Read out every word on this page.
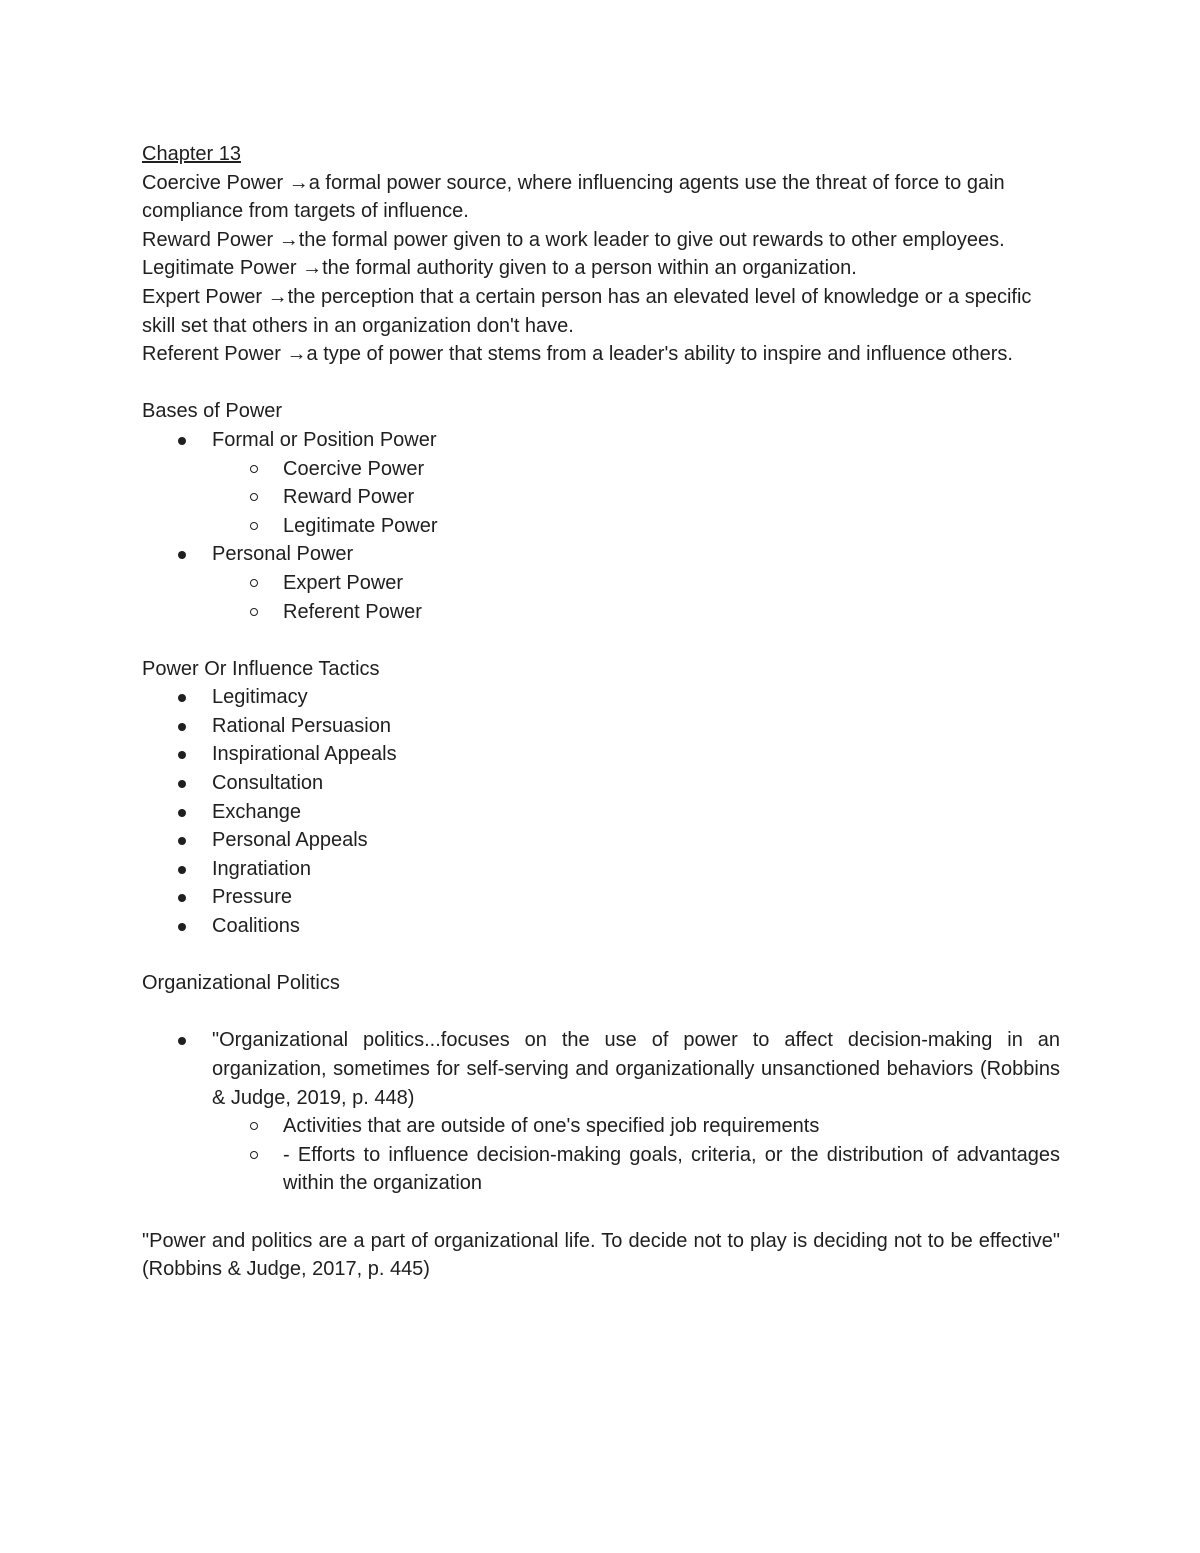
Chapter 13

Coercive Power →a formal power source, where influencing agents use the threat of force to gain compliance from targets of influence.

Reward Power →the formal power given to a work leader to give out rewards to other employees.

Legitimate Power →the formal authority given to a person within an organization.

Expert Power →the perception that a certain person has an elevated level of knowledge or a specific skill set that others in an organization don't have.

Referent Power →a type of power that stems from a leader's ability to inspire and influence others.

Bases of Power

Formal or Position Power
Coercive Power
Reward Power
Legitimate Power
Personal Power
Expert Power
Referent Power

Power Or Influence Tactics

Legitimacy
Rational Persuasion
Inspirational Appeals
Consultation
Exchange
Personal Appeals
Ingratiation
Pressure
Coalitions

Organizational Politics

"Organizational politics...focuses on the use of power to affect decision-making in an organization, sometimes for self-serving and organizationally unsanctioned behaviors (Robbins & Judge, 2019, p. 448)
Activities that are outside of one's specified job requirements
- Efforts to influence decision-making goals, criteria, or the distribution of advantages within the organization

"Power and politics are a part of organizational life. To decide not to play is deciding not to be effective" (Robbins & Judge, 2017, p. 445)
